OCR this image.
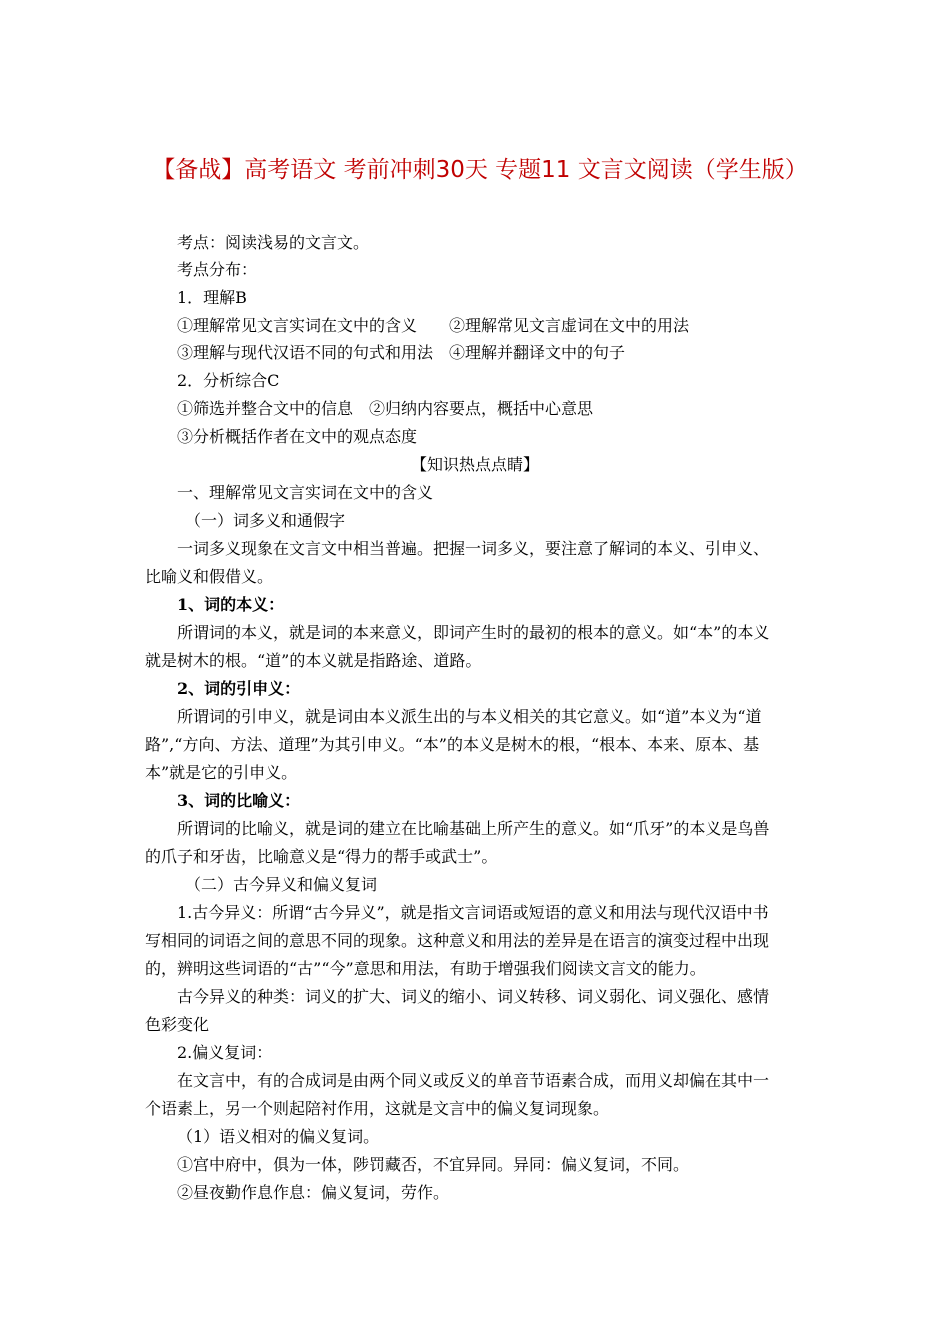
【备战】高考语文 考前冲刺30天 专题11 文言文阅读（学生版）
考点：阅读浅易的文言文。
考点分布：
1．理解B
①理解常见文言实词在文中的含义　　②理解常见文言虚词在文中的用法
③理解与现代汉语不同的句式和用法　④理解并翻译文中的句子
2．分析综合C
①筛选并整合文中的信息　②归纳内容要点，概括中心意思
③分析概括作者在文中的观点态度
【知识热点点睛】
一、理解常见文言实词在文中的含义
（一）词多义和通假字
一词多义现象在文言文中相当普遍。把握一词多义，要注意了解词的本义、引申义、
比喻义和假借义。
1、词的本义：
所谓词的本义，就是词的本来意义，即词产生时的最初的根本的意义。如“本”的本义
就是树木的根。“道”的本义就是指路途、道路。
2、词的引申义：
所谓词的引申义，就是词由本义派生出的与本义相关的其它意义。如“道”本义为“道
路”,“方向、方法、道理”为其引申义。“本”的本义是树木的根，“根本、本来、原本、基
本”就是它的引申义。
3、词的比喻义：
所谓词的比喻义，就是词的建立在比喻基础上所产生的意义。如“爪牙”的本义是鸟兽
的爪子和牙齿，比喻意义是“得力的帮手或武士”。
（二）古今异义和偏义复词
1.古今异义：所谓“古今异义”，就是指文言词语或短语的意义和用法与现代汉语中书
写相同的词语之间的意思不同的现象。这种意义和用法的差异是在语言的演变过程中出现
的，辨明这些词语的“古”“今”意思和用法，有助于增强我们阅读文言文的能力。
古今异义的种类：词义的扩大、词义的缩小、词义转移、词义弱化、词义强化、感情
色彩变化
2.偏义复词：
在文言中，有的合成词是由两个同义或反义的单音节语素合成，而用义却偏在其中一
个语素上，另一个则起陪衬作用，这就是文言中的偏义复词现象。
（1）语义相对的偏义复词。
①宫中府中，俱为一体，陟罚藏否，不宜异同。异同：偏义复词，不同。
②昼夜勤作息作息：偏义复词，劳作。
